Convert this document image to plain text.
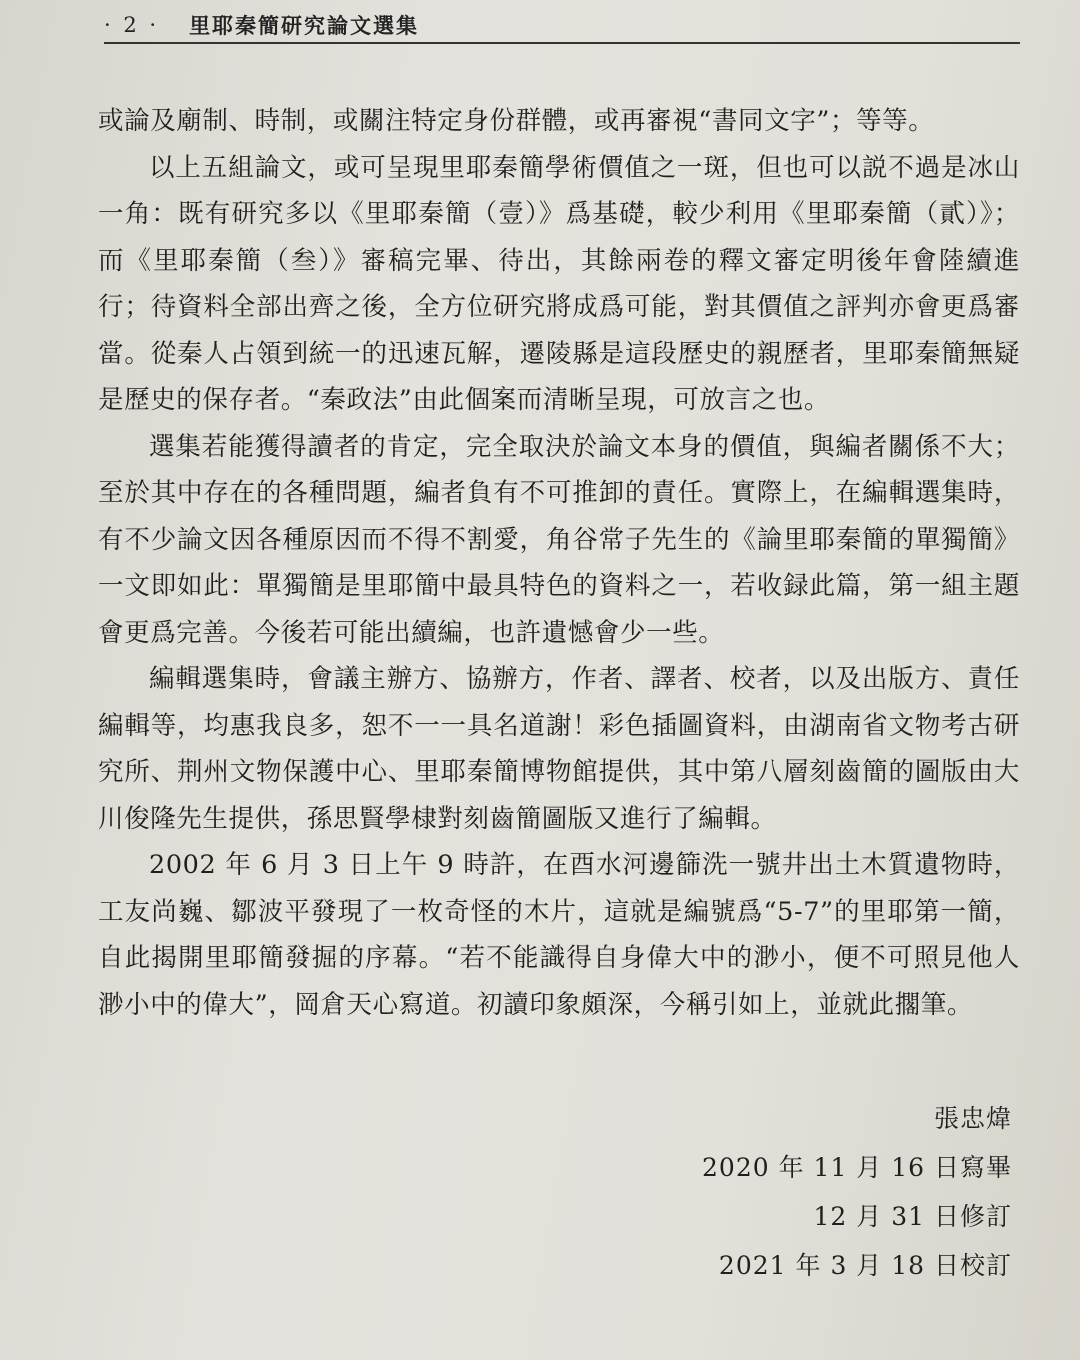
· 2 · 里耶秦簡研究論文選集

或論及廟制、時制，或關注特定身份群體，或再審視“書同文字”；等等。

以上五組論文，或可呈現里耶秦簡學術價值之一斑，但也可以説不過是冰山一角：既有研究多以《里耶秦簡（壹）》爲基礎，較少利用《里耶秦簡（貳）》；而《里耶秦簡（叁）》審稿完畢、待出，其餘兩卷的釋文審定明後年會陸續進行；待資料全部出齊之後，全方位研究將成爲可能，對其價值之評判亦會更爲審當。從秦人占領到統一的迅速瓦解，遷陵縣是這段歷史的親歷者，里耶秦簡無疑是歷史的保存者。“秦政法”由此個案而清晰呈現，可放言之也。

選集若能獲得讀者的肯定，完全取決於論文本身的價值，與編者關係不大；至於其中存在的各種問題，編者負有不可推卸的責任。實際上，在編輯選集時，有不少論文因各種原因而不得不割愛，角谷常子先生的《論里耶秦簡的單獨簡》一文即如此：單獨簡是里耶簡中最具特色的資料之一，若收録此篇，第一組主題會更爲完善。今後若可能出續編，也許遺憾會少一些。

編輯選集時，會議主辦方、協辦方，作者、譯者、校者，以及出版方、責任編輯等，均惠我良多，恕不一一具名道謝！彩色插圖資料，由湖南省文物考古研究所、荆州文物保護中心、里耶秦簡博物館提供，其中第八層刻齒簡的圖版由大川俊隆先生提供，孫思賢學棣對刻齒簡圖版又進行了編輯。

2002 年 6 月 3 日上午 9 時許，在酉水河邊篩洗一號井出土木質遺物時，工友尚巍、鄒波平發現了一枚奇怪的木片，這就是編號爲“5-7”的里耶第一簡，自此揭開里耶簡發掘的序幕。“若不能識得自身偉大中的渺小，便不可照見他人渺小中的偉大”，岡倉天心寫道。初讀印象頗深，今稱引如上，並就此擱筆。

張忠煒
2020 年 11 月 16 日寫畢
12 月 31 日修訂
2021 年 3 月 18 日校訂
